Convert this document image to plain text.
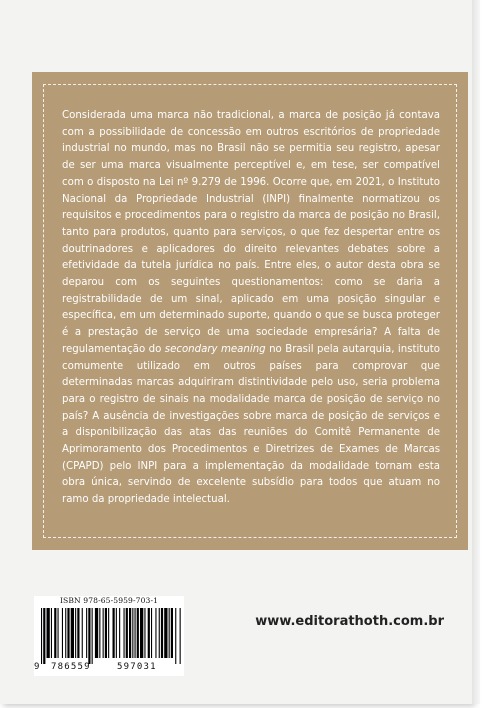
Considerada uma marca não tradicional, a marca de posição já contava com a possibilidade de concessão em outros escritórios de propriedade industrial no mundo, mas no Brasil não se permitia seu registro, apesar de ser uma marca visualmente perceptível e, em tese, ser compatível com o disposto na Lei nº 9.279 de 1996. Ocorre que, em 2021, o Instituto Nacional da Propriedade Industrial (INPI) finalmente normatizou os requisitos e procedimentos para o registro da marca de posição no Brasil, tanto para produtos, quanto para serviços, o que fez despertar entre os doutrinadores e aplicadores do direito relevantes debates sobre a efetividade da tutela jurídica no país. Entre eles, o autor desta obra se deparou com os seguintes questionamentos: como se daria a registrabilidade de um sinal, aplicado em uma posição singular e específica, em um determinado suporte, quando o que se busca proteger é a prestação de serviço de uma sociedade empresária? A falta de regulamentação do secondary meaning no Brasil pela autarquia, instituto comumente utilizado em outros países para comprovar que determinadas marcas adquiriram distintividade pelo uso, seria problema para o registro de sinais na modalidade marca de posição de serviço no país? A ausência de investigações sobre marca de posição de serviços e a disponibilização das atas das reuniões do Comitê Permanente de Aprimoramento dos Procedimentos e Diretrizes de Exames de Marcas (CPAPD) pelo INPI para a implementação da modalidade tornam esta obra única, servindo de excelente subsídio para todos que atuam no ramo da propriedade intelectual.

ISBN 978-65-5959-703-1
9 786559	597031
www.editorathoth.com.br
